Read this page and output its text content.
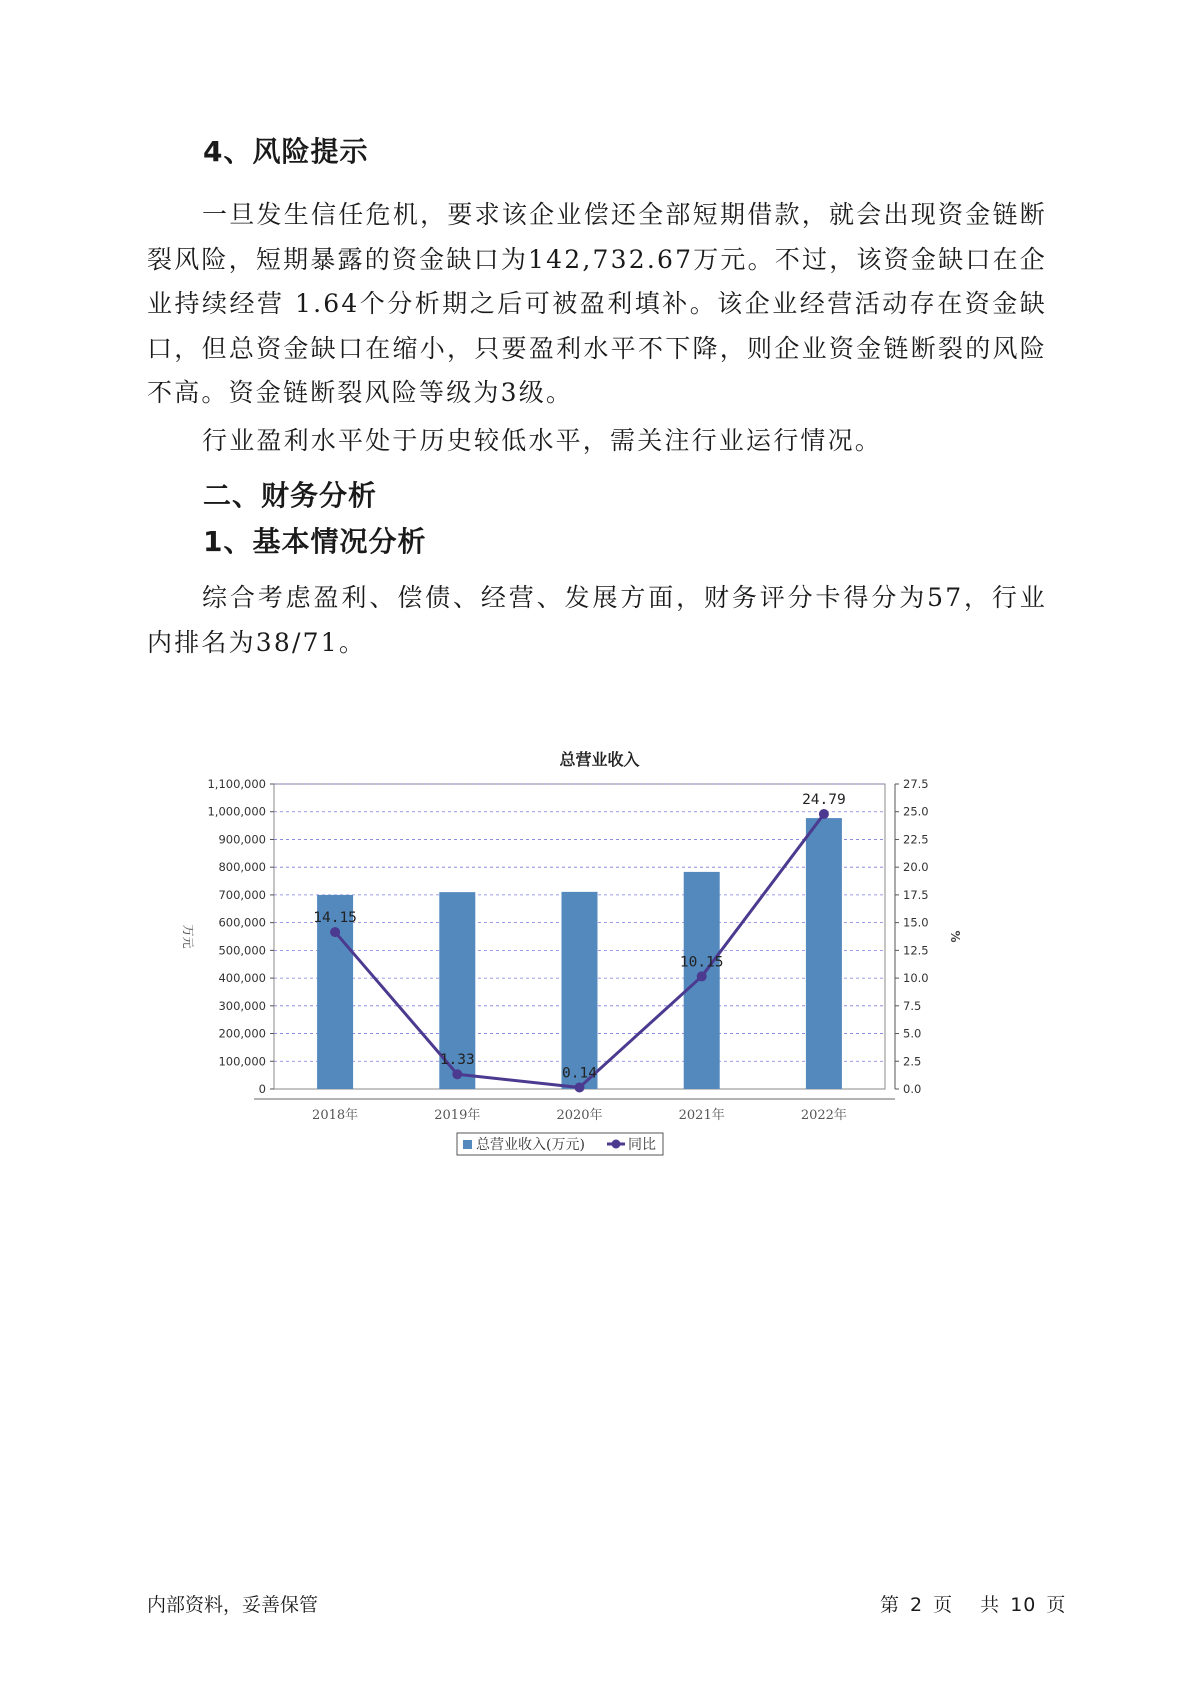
4、风险提示

一旦发生信任危机，要求该企业偿还全部短期借款，就会出现资金链断裂风险，短期暴露的资金缺口为142,732.67万元。不过，该资金缺口在企业持续经营 1.64个分析期之后可被盈利填补。该企业经营活动存在资金缺口，但总资金缺口在缩小，只要盈利水平不下降，则企业资金链断裂的风险不高。资金链断裂风险等级为3级。

行业盈利水平处于历史较低水平，需关注行业运行情况。

二、财务分析
1、基本情况分析

综合考虑盈利、偿债、经营、发展方面，财务评分卡得分为57，行业内排名为38/71。

总营业收入
0
100,000
200,000
300,000
400,000
500,000
600,000
700,000
800,000
900,000
1,000,000
1,100,000
0.0
2.5
5.0
7.5
10.0
12.5
15.0
17.5
20.0
22.5
25.0
27.5
万元	%
2018年	2019年	2020年	2021年	2022年
14.15
1.33
0.14
10.15
24.79
总营业收入(万元)	同比
内部资料，妥善保管	第 2 页 共 10 页
